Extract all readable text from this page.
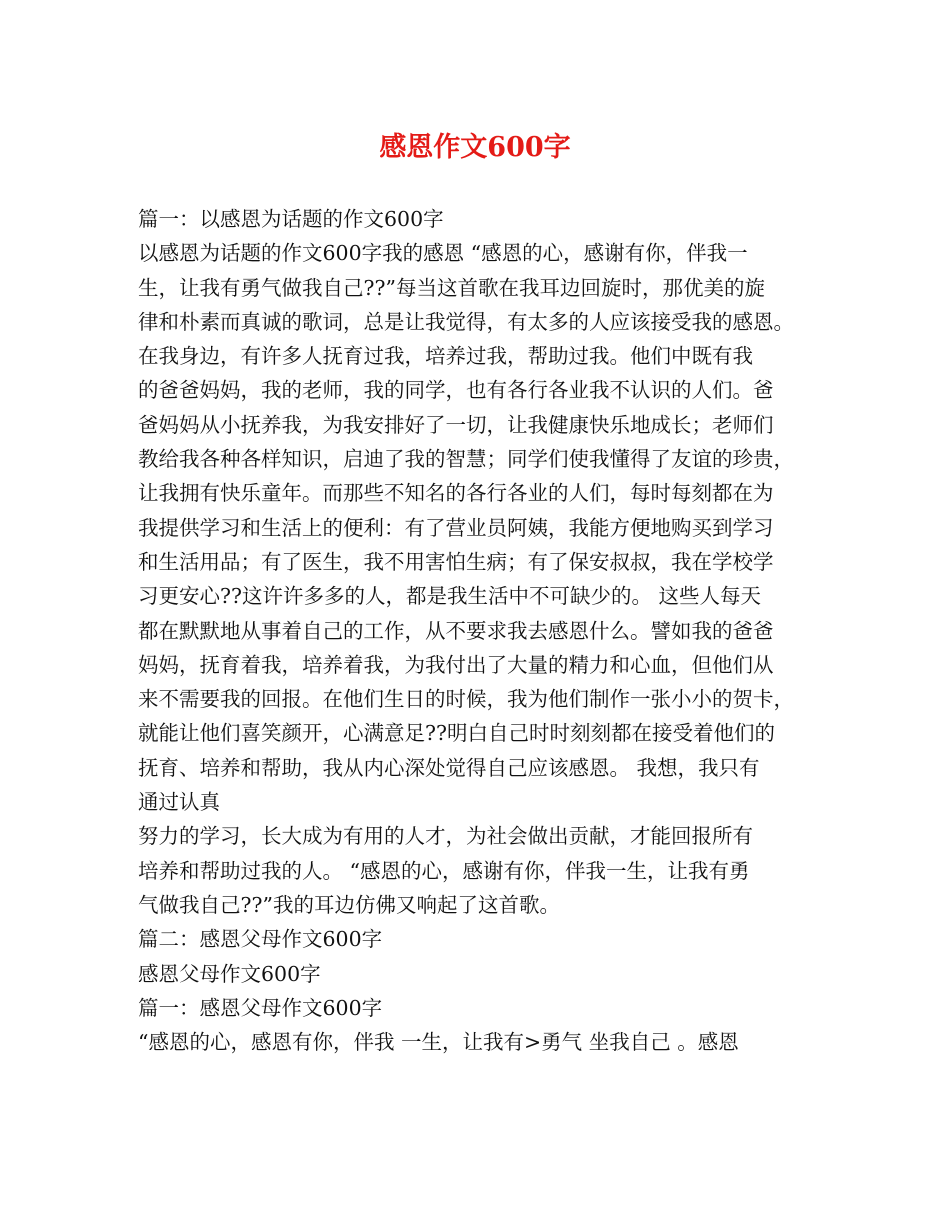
感恩作文600字
篇一：以感恩为话题的作文600字
以感恩为话题的作文600字我的感恩 “感恩的心，感谢有你，伴我一
生，让我有勇气做我自己??”每当这首歌在我耳边回旋时，那优美的旋
律和朴素而真诚的歌词，总是让我觉得，有太多的人应该接受我的感恩。
在我身边，有许多人抚育过我，培养过我，帮助过我。他们中既有我
的爸爸妈妈，我的老师，我的同学，也有各行各业我不认识的人们。爸
爸妈妈从小抚养我，为我安排好了一切，让我健康快乐地成长；老师们
教给我各种各样知识，启迪了我的智慧；同学们使我懂得了友谊的珍贵，
让我拥有快乐童年。而那些不知名的各行各业的人们，每时每刻都在为
我提供学习和生活上的便利：有了营业员阿姨，我能方便地购买到学习
和生活用品；有了医生，我不用害怕生病；有了保安叔叔，我在学校学
习更安心??这许许多多的人，都是我生活中不可缺少的。 这些人每天
都在默默地从事着自己的工作，从不要求我去感恩什么。譬如我的爸爸
妈妈，抚育着我，培养着我，为我付出了大量的精力和心血，但他们从
来不需要我的回报。在他们生日的时候，我为他们制作一张小小的贺卡，
就能让他们喜笑颜开，心满意足??明白自己时时刻刻都在接受着他们的
抚育、培养和帮助，我从内心深处觉得自己应该感恩。 我想，我只有
通过认真
努力的学习，长大成为有用的人才，为社会做出贡献，才能回报所有
培养和帮助过我的人。 “感恩的心，感谢有你，伴我一生，让我有勇
气做我自己??”我的耳边仿佛又响起了这首歌。
篇二：感恩父母作文600字
感恩父母作文600字
篇一：感恩父母作文600字
“感恩的心，感恩有你，伴我 一生，让我有>勇气 坐我自己 。感恩
